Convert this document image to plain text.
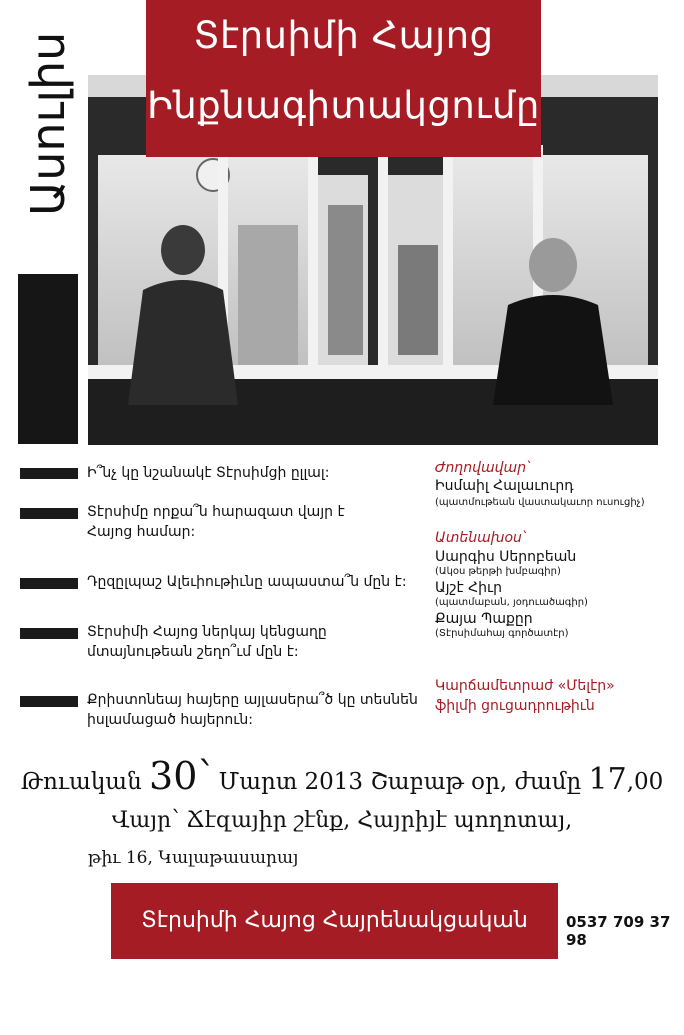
Տէրսիմի Հայոց
Ինքնագիտակցումը
Ասուլիս
Ի՞նչ կը նշանակէ Տէրսիմցի ըլլալ:
Տէրսիմը որքա՞ն հարազատ վայր է
Հայոց համար:
Դըզըլպաշ Ալեւիութիւնը ապաստա՞ն մըն է:
Տէրսիմի Հայոց ներկայ կենցաղը
մտայնութեան շեղո՞ւմ մըն է:
Քրիստոնեայ հայերը այլասերա՞ծ կը տեսնեն
իսլամացած հայերուն:
Ժողովավար՝
Իսմաիլ Հալաւուրդ
(պատմութեան վաստակաւոր ուսուցիչ)
Ատենախօս՝
Սարգիս Սերոբեան
(Ակօս թերթի խմբագիր)
Այշէ Հիւր
(պատմաբան, յօդուածագիր)
Քայա Պաքըր
(Տէրսիմահայ գործատէր)
Կարճամետրաժ «Մելէր»
ֆիլմի ցուցադրութիւն
Թուական 30՝ Մարտ 2013 Շաբաթ օր, ժամը 17,00
Վայր՝ Ճէզայիր շէնք, Հայրիյէ պողոտայ,
թիւ 16, Կալաթասարայ
Տէրսիմի Հայոց Հայրենակցական Միութիւն
0537 709 37 98
